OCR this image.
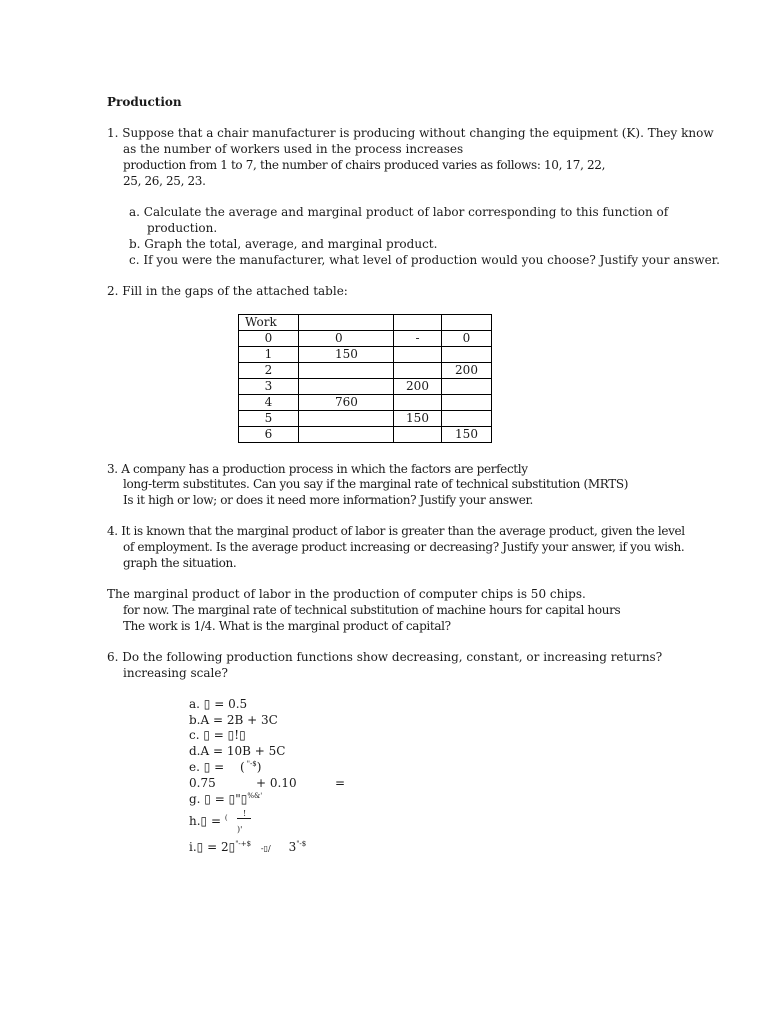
Production
1. Suppose that a chair manufacturer is producing without changing the equipment (K). They know
as the number of workers used in the process increases
production from 1 to 7, the number of chairs produced varies as follows: 10, 17, 22,
25, 26, 25, 23.
a. Calculate the average and marginal product of labor corresponding to this function of
production.
b. Graph the total, average, and marginal product.
c. If you were the manufacturer, what level of production would you choose? Justify your answer.
2. Fill in the gaps of the attached table:
Work			
0	0	-	0
1	150		
2			200
3		200	
4	760		
5		150	
6			150
3. A company has a production process in which the factors are perfectly
long-term substitutes. Can you say if the marginal rate of technical substitution (MRTS)
Is it high or low; or does it need more information? Justify your answer.
4. It is known that the marginal product of labor is greater than the average product, given the level
of employment. Is the average product increasing or decreasing? Justify your answer, if you wish.
graph the situation.
The marginal product of labor in the production of computer chips is 50 chips.
for now. The marginal rate of technical substitution of machine hours for capital hours
The work is 1/4. What is the marginal product of capital?
6. Do the following production functions show decreasing, constant, or increasing returns?
increasing scale?
a. ▯ = 0.5
b.A = 2B + 3C
c. ▯ = ▯!▯
d.A = 10B + 5C
e. ▯ = ( "-$)
0.75	+ 0.10	=
g. ▯ = ▯"▯%&'
h.▯ = ( !
)'
i.▯ = 2▯"-+$ -▯/ 3"-$
